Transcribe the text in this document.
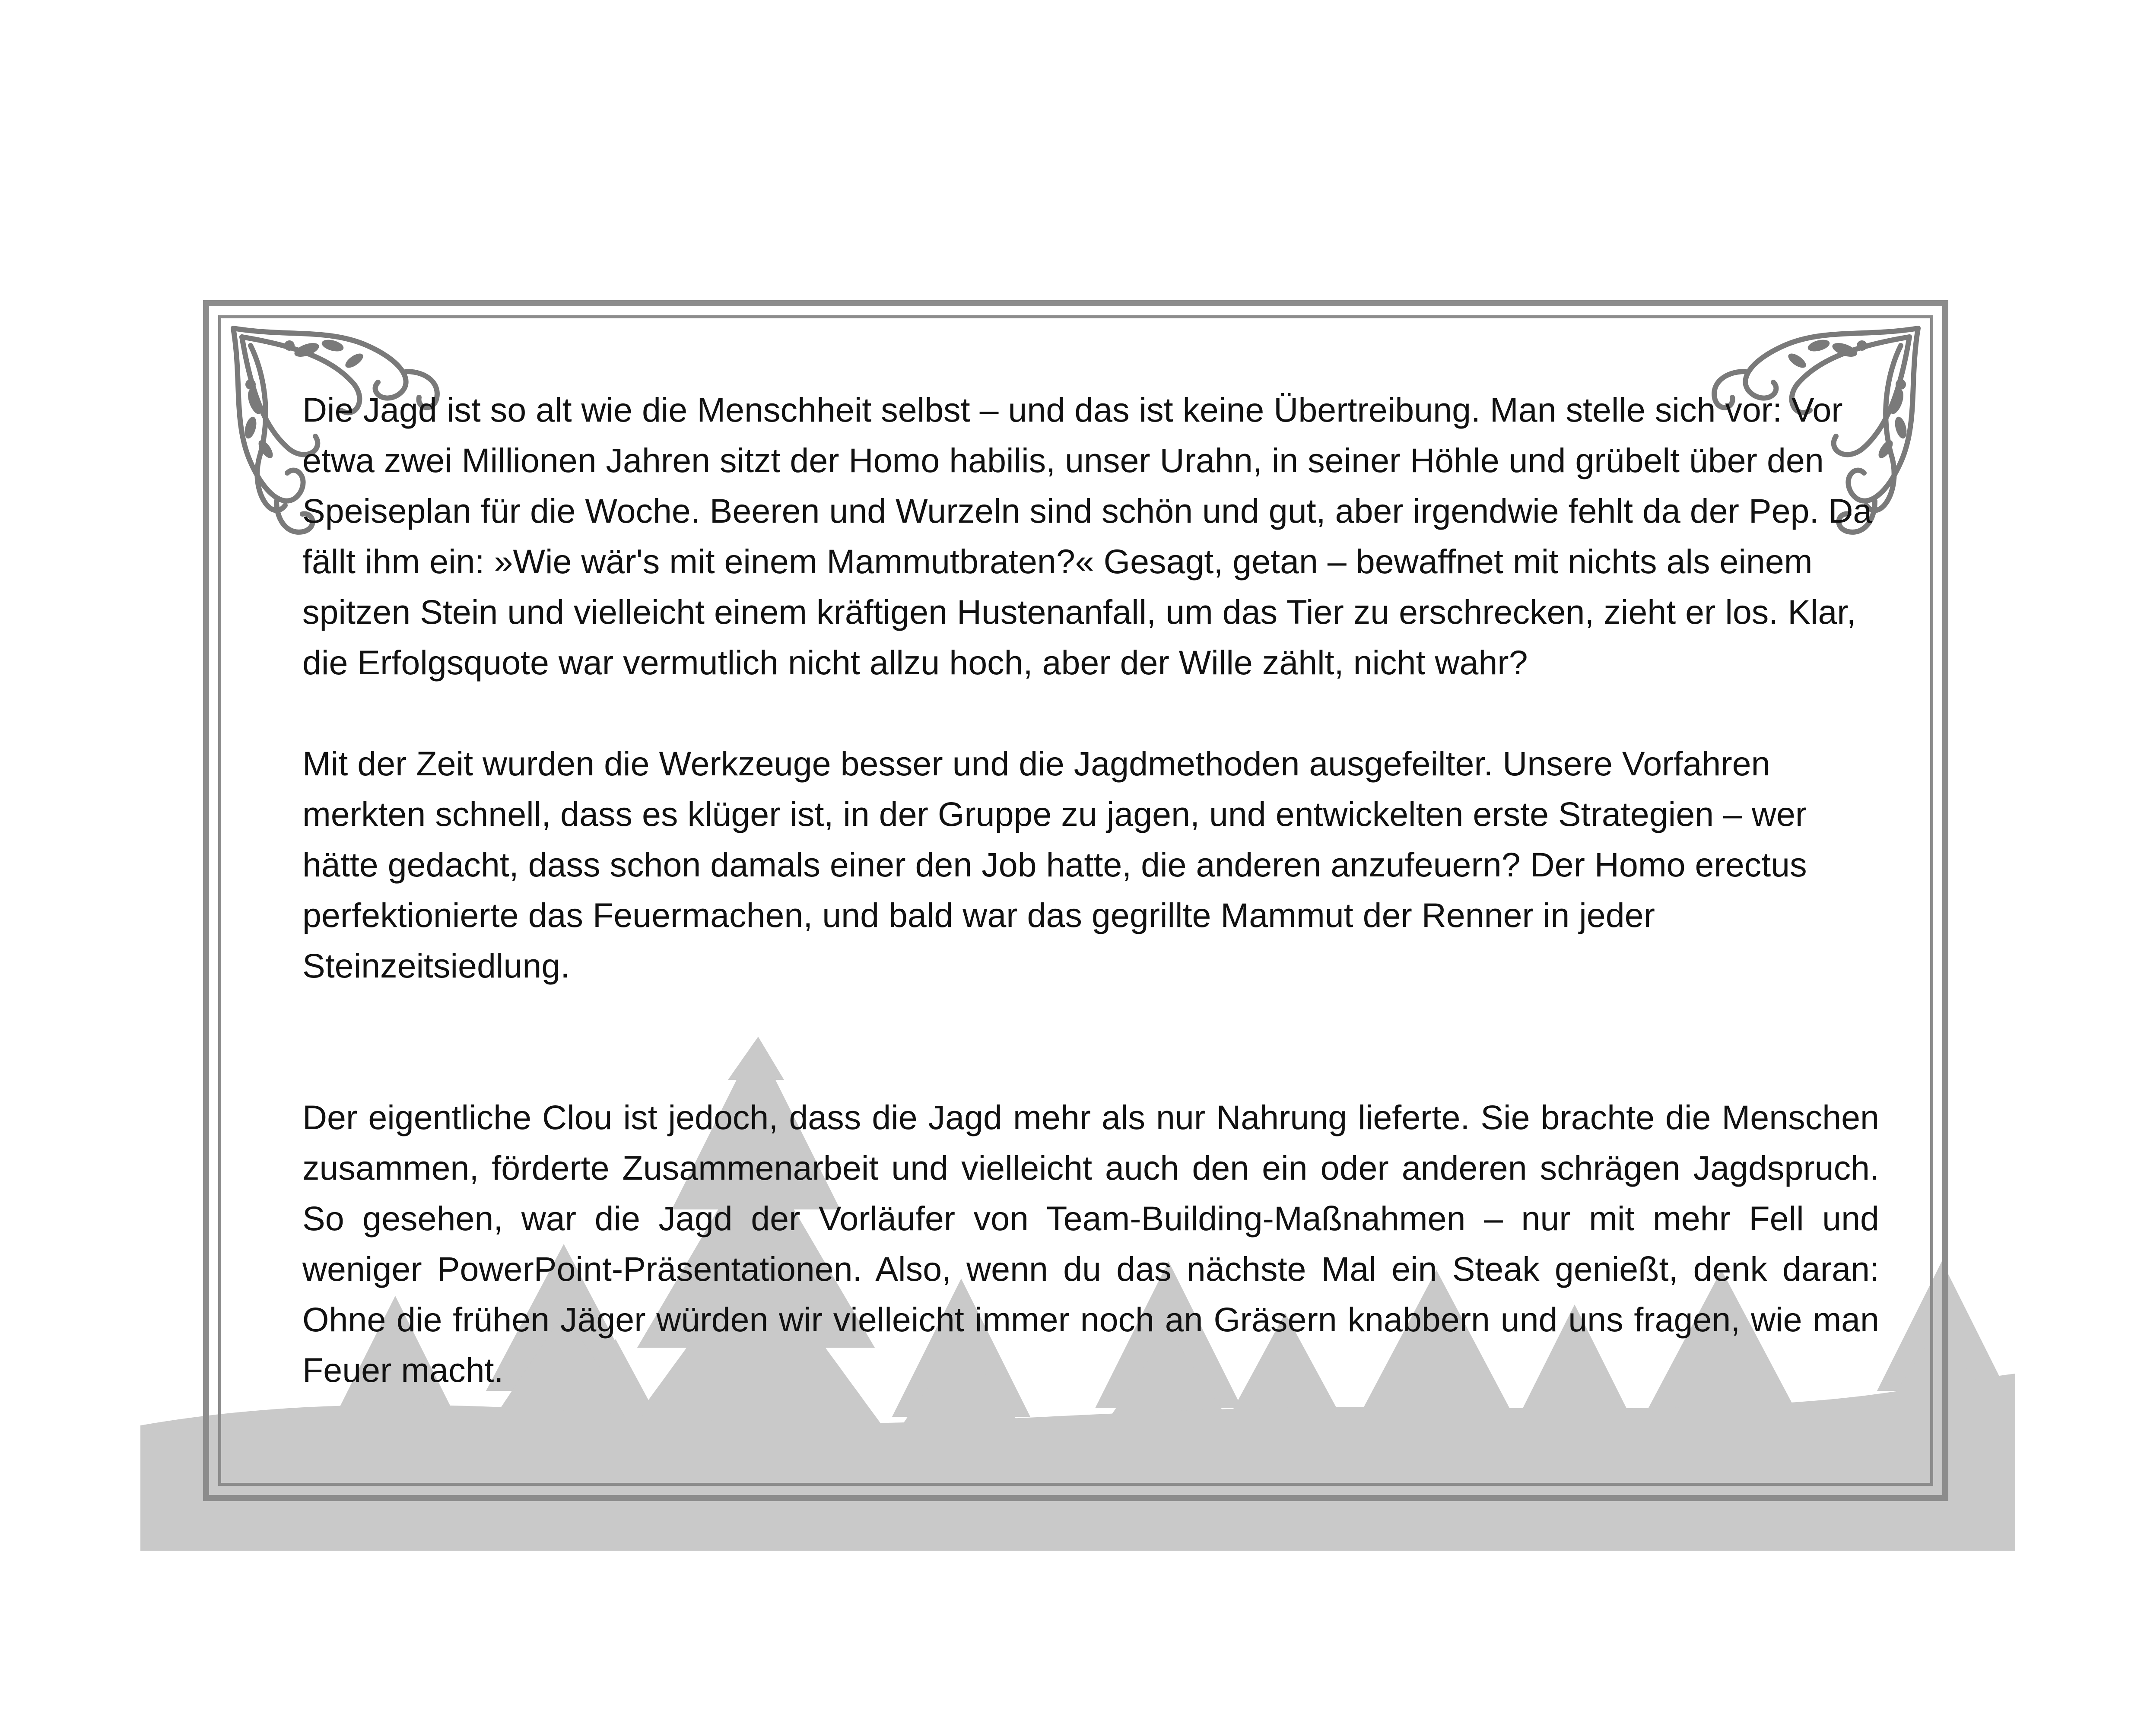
Die Jagd ist so alt wie die Menschheit selbst – und das ist keine Übertreibung. Man stelle sich vor: Vor etwa zwei Millionen Jahren sitzt der Homo habilis, unser Urahn, in seiner Höhle und grübelt über den Speiseplan für die Woche. Beeren und Wurzeln sind schön und gut, aber irgendwie fehlt da der Pep. Da fällt ihm ein: »Wie wär's mit einem Mammutbraten?« Gesagt, getan – bewaffnet mit nichts als einem spitzen Stein und vielleicht einem kräftigen Hustenanfall, um das Tier zu erschrecken, zieht er los. Klar, die Erfolgsquote war vermutlich nicht allzu hoch, aber der Wille zählt, nicht wahr?

Mit der Zeit wurden die Werkzeuge besser und die Jagdmethoden ausgefeilter. Unsere Vorfahren merkten schnell, dass es klüger ist, in der Gruppe zu jagen, und entwickelten erste Strategien – wer hätte gedacht, dass schon damals einer den Job hatte, die anderen anzufeuern? Der Homo erectus perfektionierte das Feuermachen, und bald war das gegrillte Mammut der Renner in jeder Steinzeitsiedlung.

Der eigentliche Clou ist jedoch, dass die Jagd mehr als nur Nahrung lieferte. Sie brachte die Menschen zusammen, förderte Zusammenarbeit und vielleicht auch den ein oder anderen schrägen Jagdspruch. So gesehen, war die Jagd der Vorläufer von Team-Building-Maßnahmen – nur mit mehr Fell und weniger PowerPoint-Präsentationen. Also, wenn du das nächste Mal ein Steak genießt, denk daran: Ohne die frühen Jäger würden wir vielleicht immer noch an Gräsern knabbern und uns fragen, wie man Feuer macht.
